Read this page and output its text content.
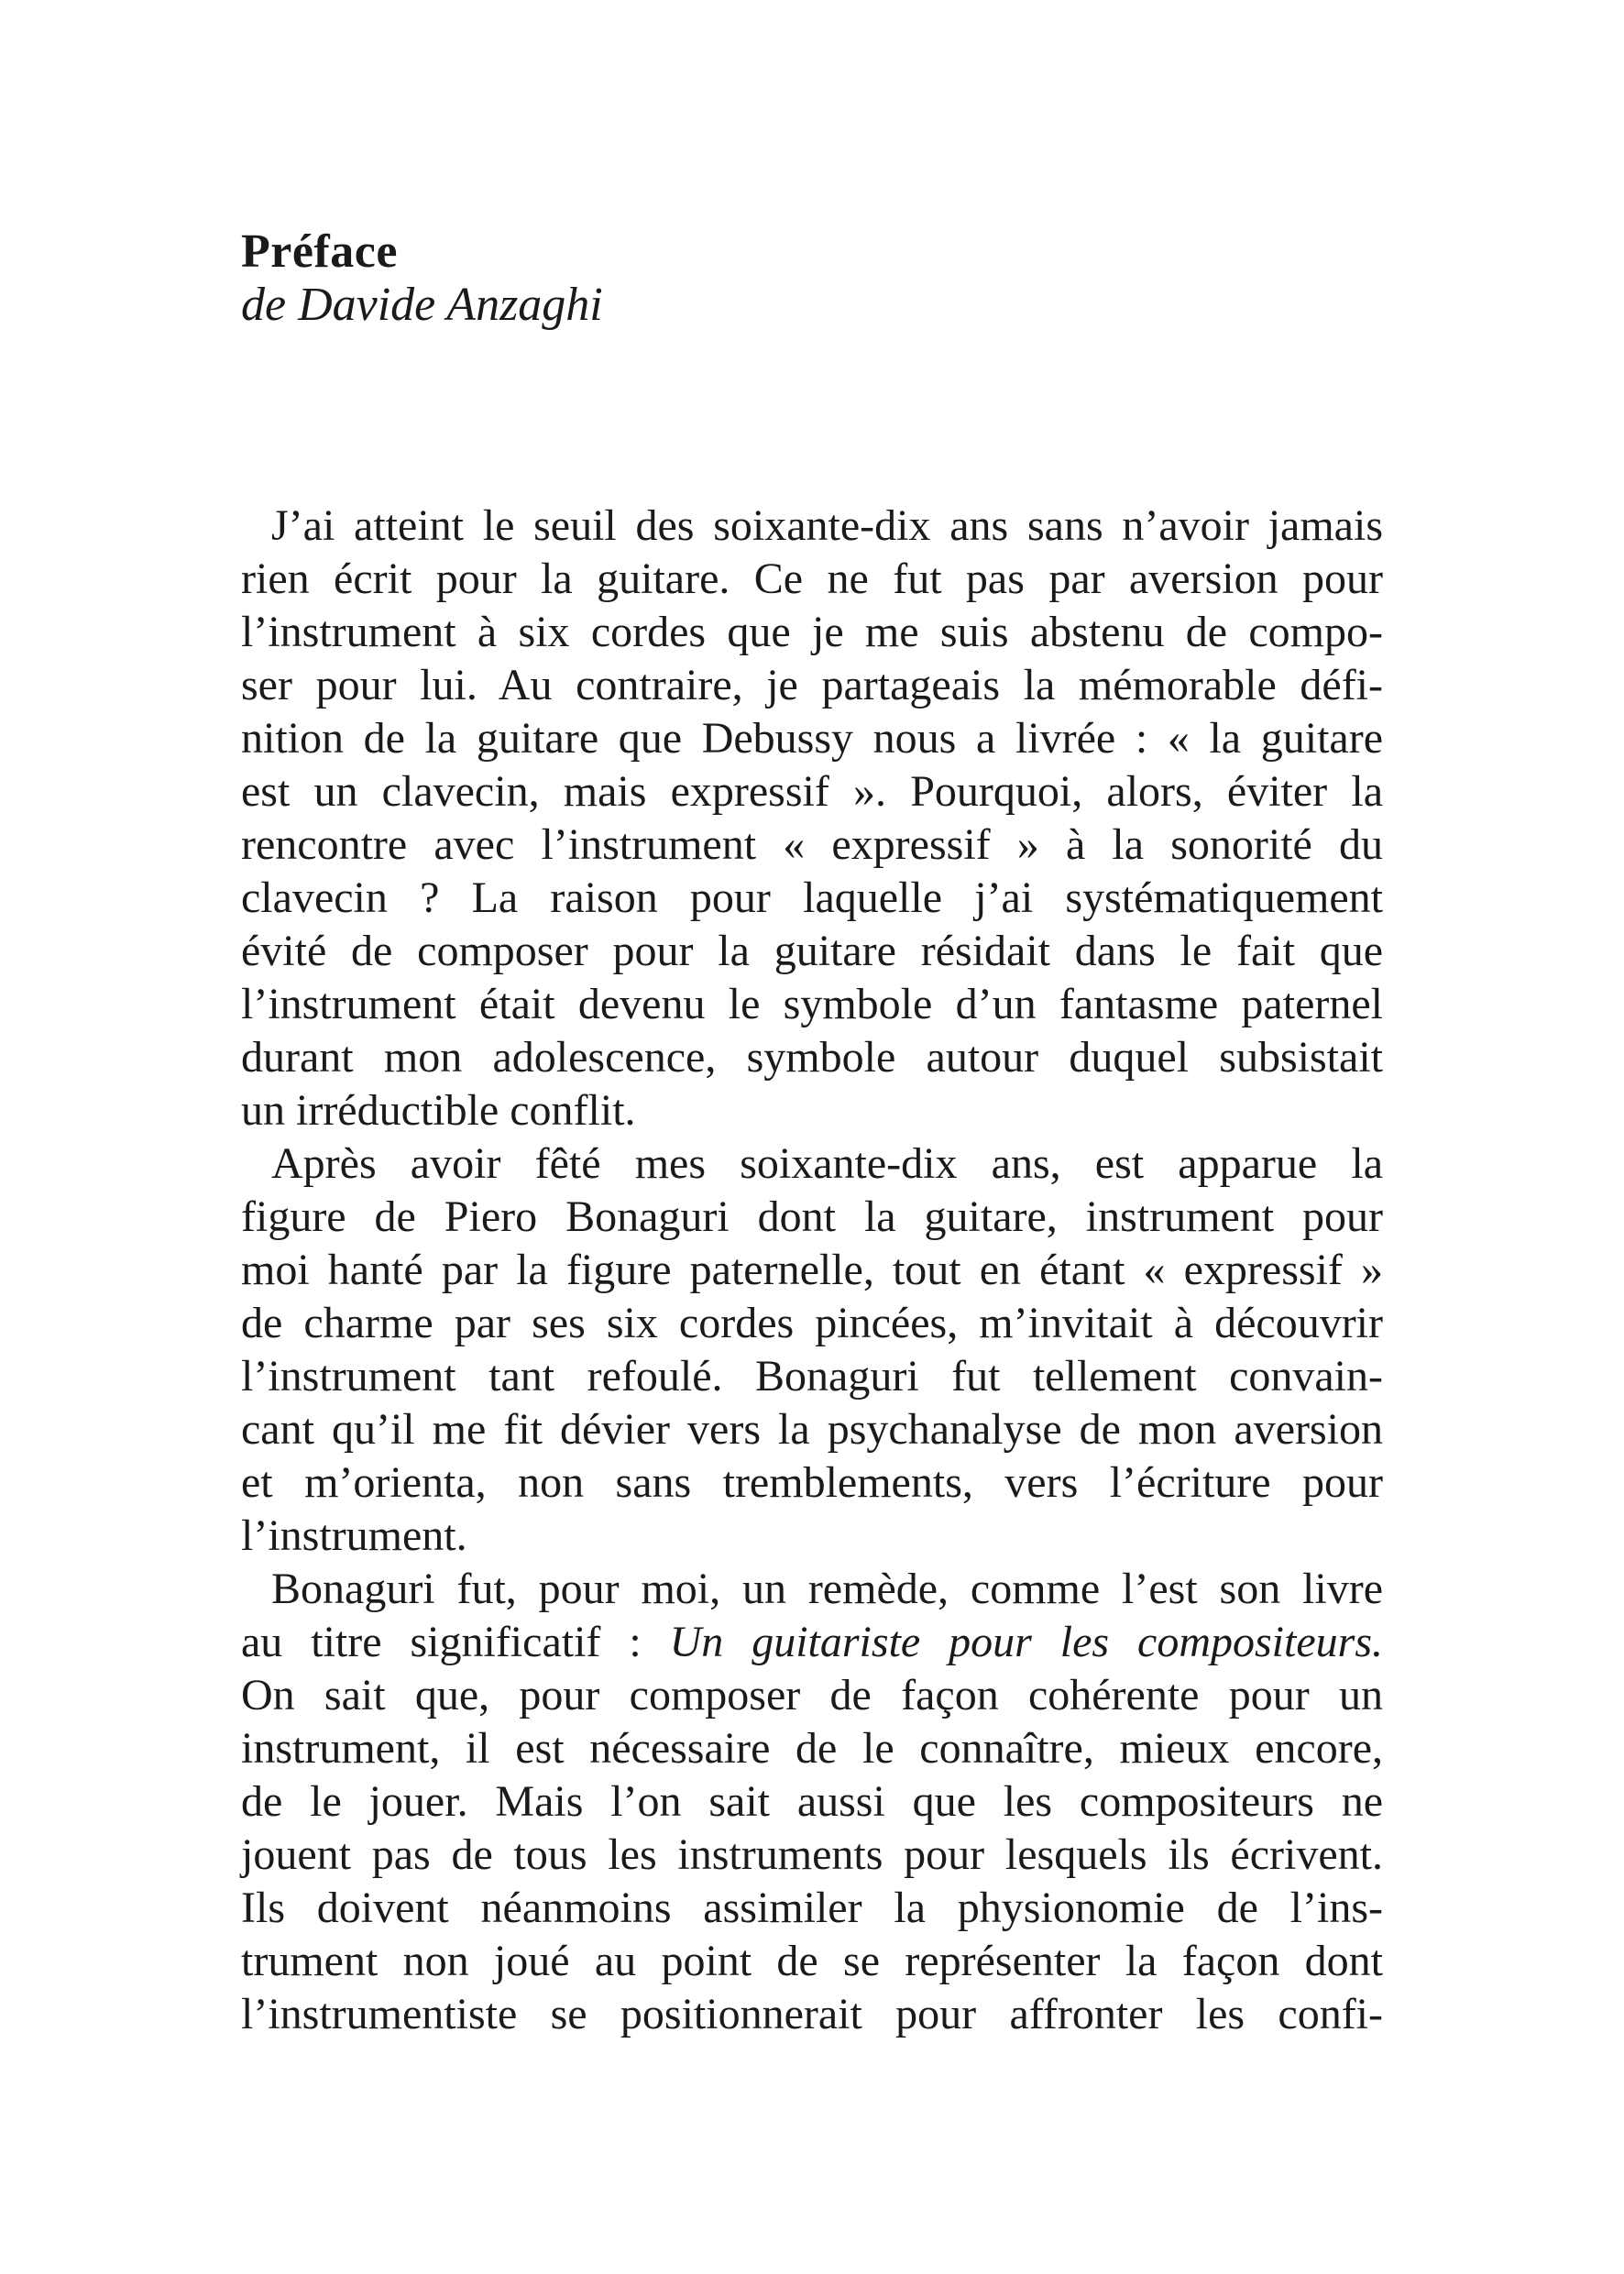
Préface
de Davide Anzaghi
J’ai atteint le seuil des soixante-dix ans sans n’avoir jamais
rien écrit pour la guitare. Ce ne fut pas par aversion pour
l’instrument à six cordes que je me suis abstenu de compo-
ser pour lui. Au contraire, je partageais la mémorable défi-
nition de la guitare que Debussy nous a livrée : « la guitare
est un clavecin, mais expressif ». Pourquoi, alors, éviter la
rencontre avec l’instrument « expressif » à la sonorité du
clavecin ? La raison pour laquelle j’ai systématiquement
évité de composer pour la guitare résidait dans le fait que
l’instrument était devenu le symbole d’un fantasme paternel
durant mon adolescence, symbole autour duquel subsistait
un irréductible conflit.
Après avoir fêté mes soixante-dix ans, est apparue la
figure de Piero Bonaguri dont la guitare, instrument pour
moi hanté par la figure paternelle, tout en étant « expressif »
de charme par ses six cordes pincées, m’invitait à découvrir
l’instrument tant refoulé. Bonaguri fut tellement convain-
cant qu’il me fit dévier vers la psychanalyse de mon aversion
et m’orienta, non sans tremblements, vers l’écriture pour
l’instrument.
Bonaguri fut, pour moi, un remède, comme l’est son livre
au titre significatif : Un guitariste pour les compositeurs.
On sait que, pour composer de façon cohérente pour un
instrument, il est nécessaire de le connaître, mieux encore,
de le jouer. Mais l’on sait aussi que les compositeurs ne
jouent pas de tous les instruments pour lesquels ils écrivent.
Ils doivent néanmoins assimiler la physionomie de l’ins-
trument non joué au point de se représenter la façon dont
l’instrumentiste se positionnerait pour affronter les confi-
